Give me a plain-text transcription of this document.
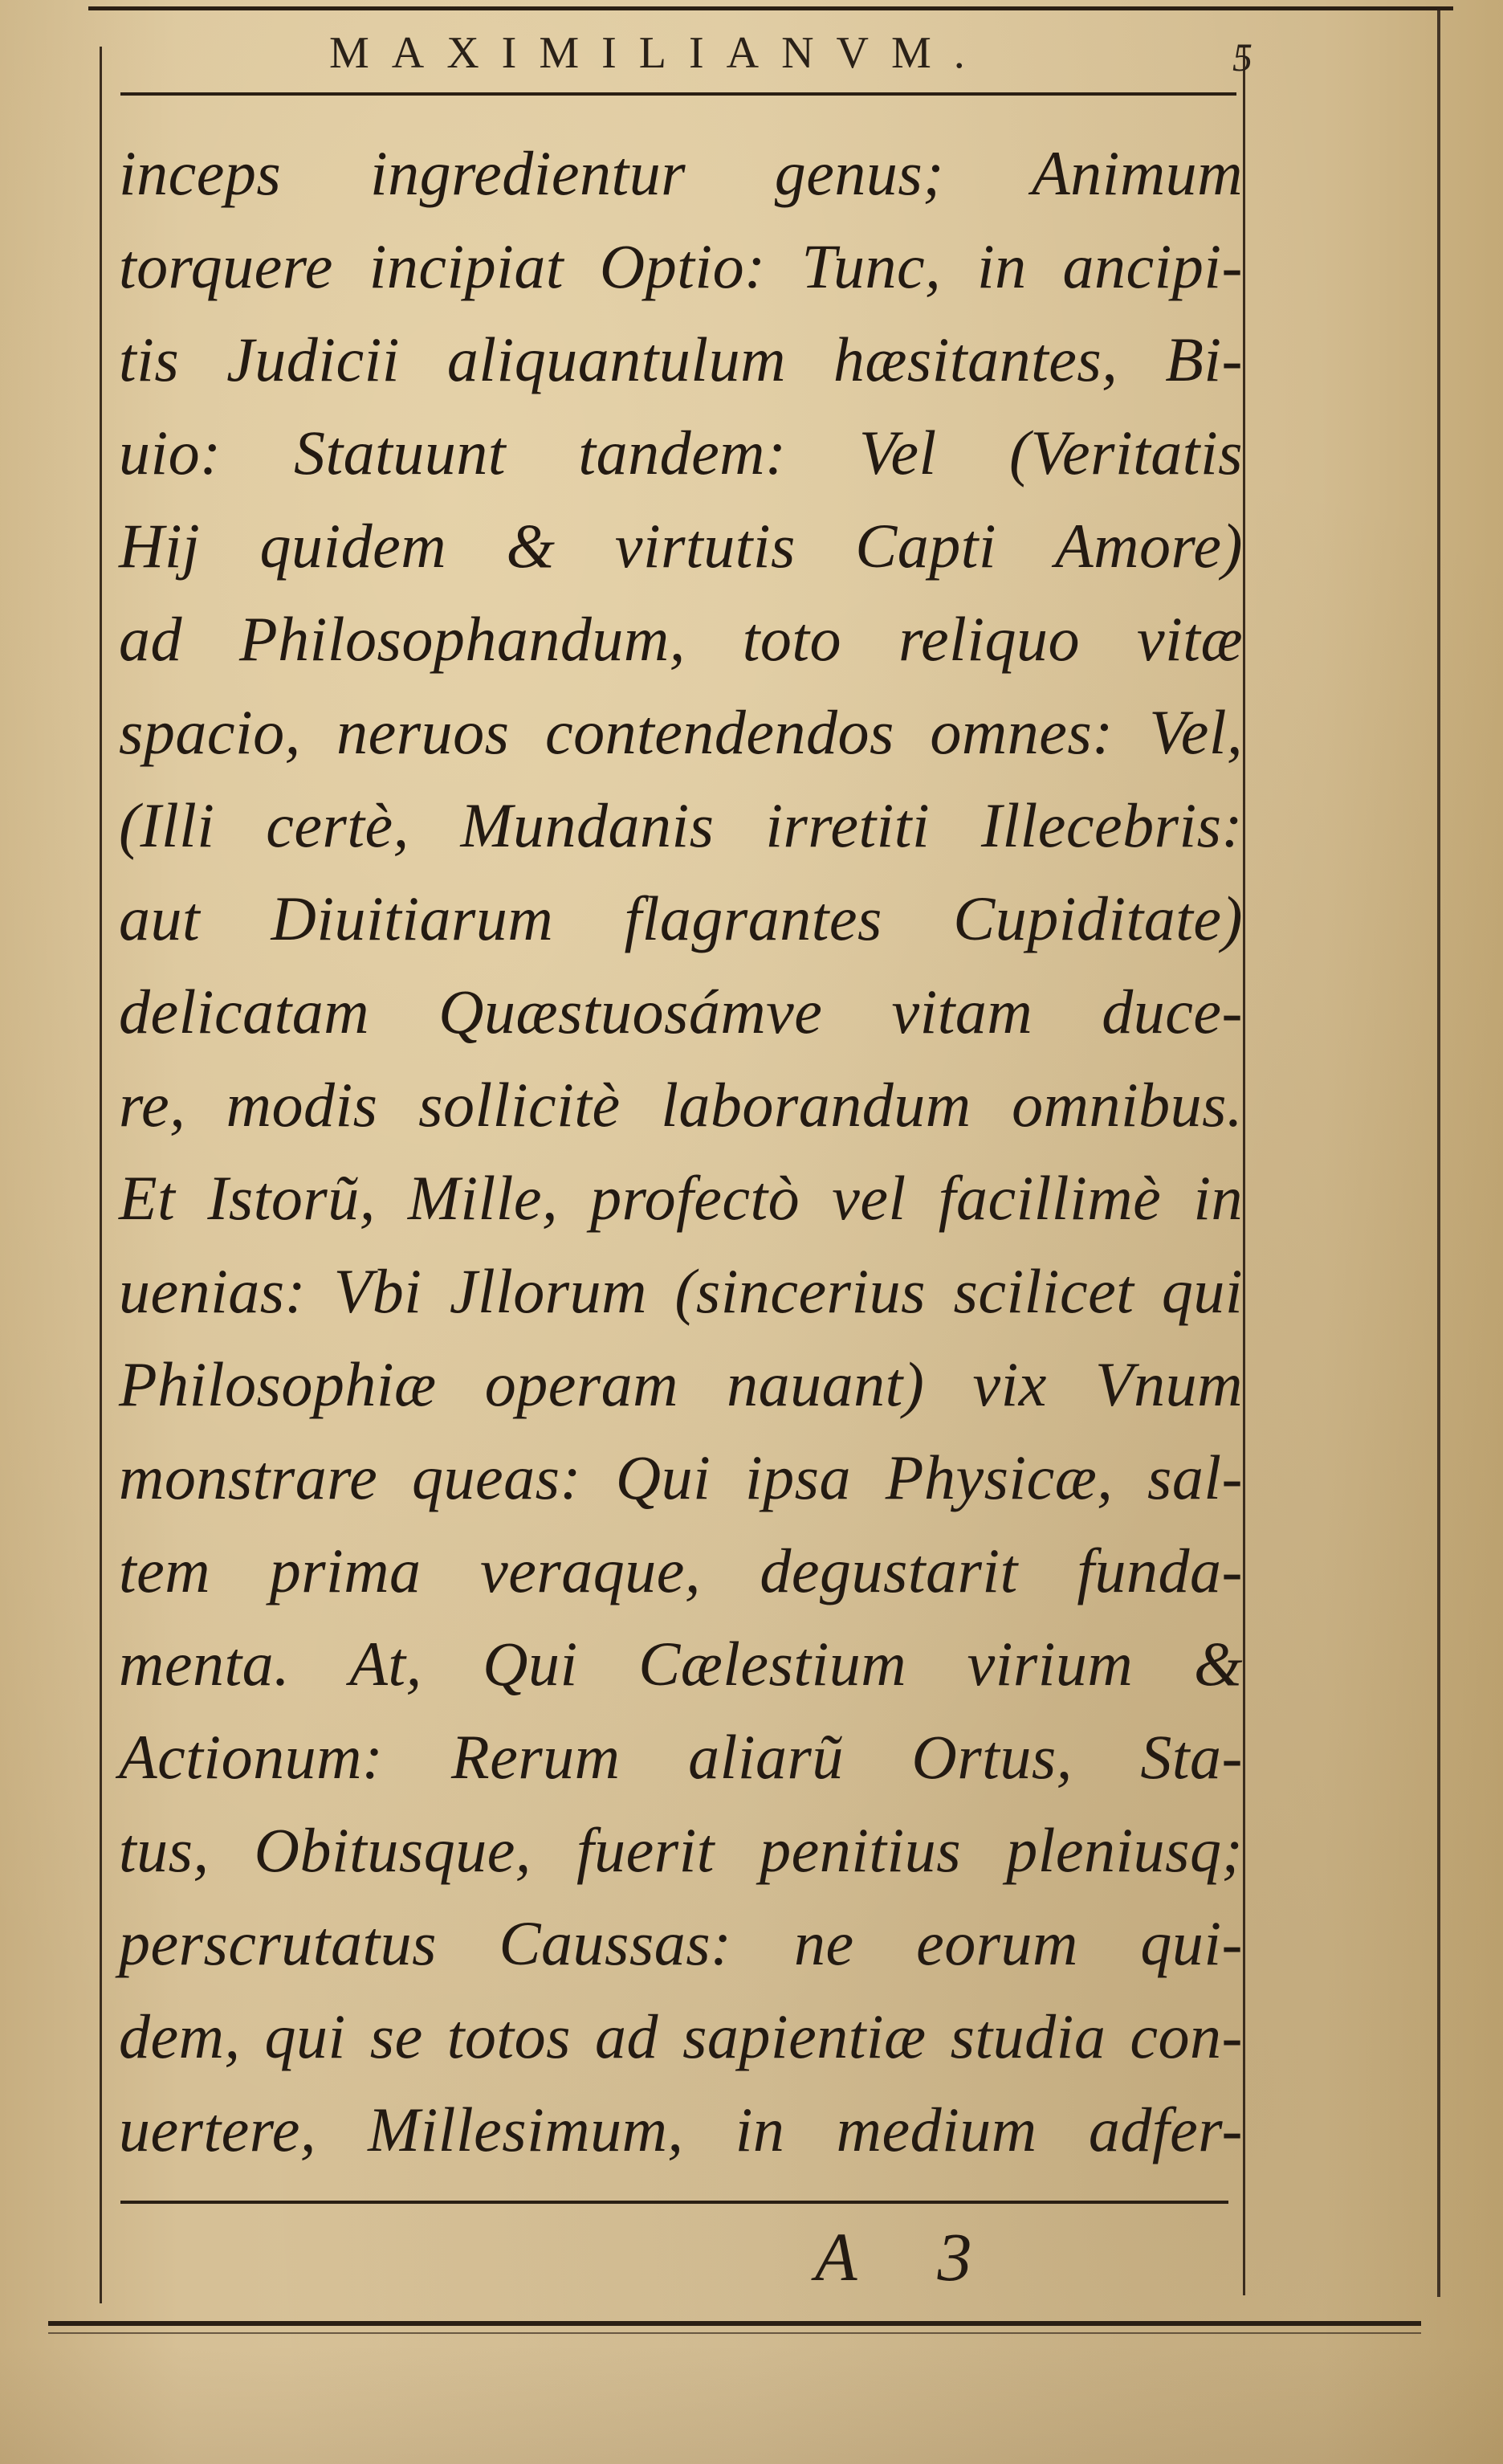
MAXIMILIANVM.	5
inceps ingredientur genus; Animum
torquere incipiat Optio: Tunc, in ancipi-
tis Judicii aliquantulum hæsitantes, Bi-
uio: Statuunt tandem: Vel (Veritatis
Hij quidem & virtutis Capti Amore)
ad Philosophandum, toto reliquo vitæ
spacio, neruos contendendos omnes: Vel,
(Illi certè, Mundanis irretiti Illecebris:
aut Diuitiarum flagrantes Cupiditate)
delicatam Quæstuosámve vitam duce-
re, modis sollicitè laborandum omnibus.
Et Istorũ, Mille, profectò vel facillimè in
uenias: Vbi Jllorum (sincerius scilicet qui
Philosophiæ operam nauant) vix Vnum
monstrare queas: Qui ipsa Physicæ, sal-
tem prima veraque, degustarit funda-
menta. At, Qui Cælestium virium &
Actionum: Rerum aliarũ Ortus, Sta-
tus, Obitusque, fuerit penitius pleniusq;
perscrutatus Caussas: ne eorum qui-
dem, qui se totos ad sapientiæ studia con-
uertere, Millesimum, in medium adfer-
A 3
